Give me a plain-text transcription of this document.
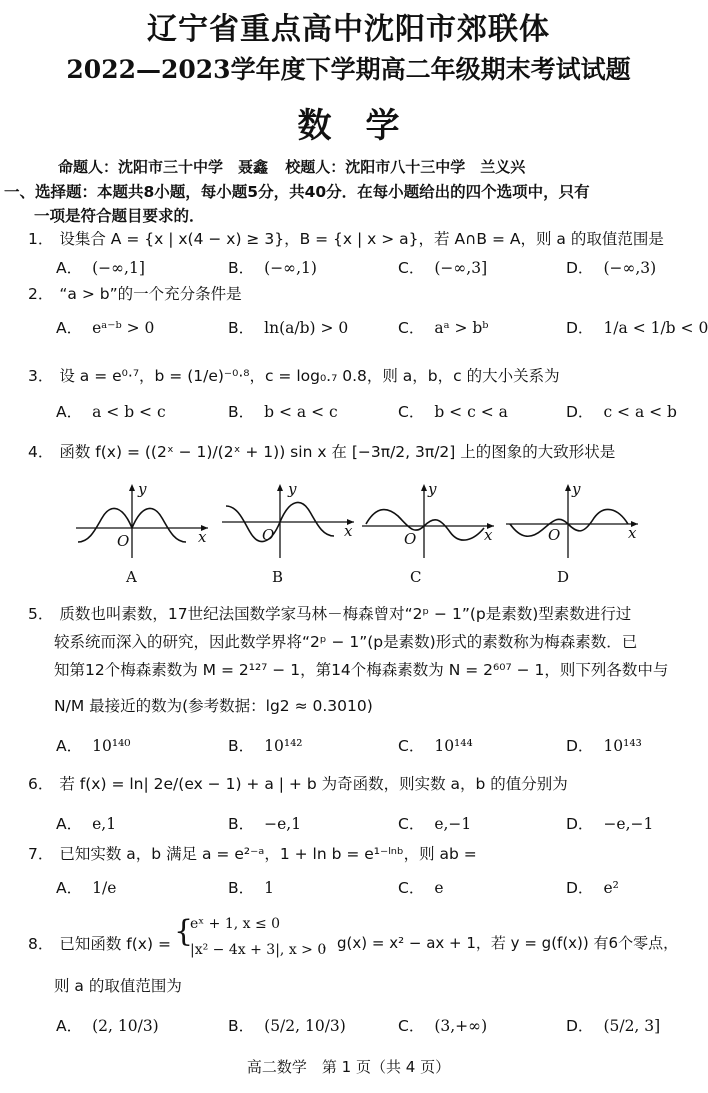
辽宁省重点高中沈阳市郊联体
2022—2023学年度下学期高二年级期末考试试题
数学
命题人：沈阳市三十中学　聂鑫 校题人：沈阳市八十三中学　兰义兴
一、选择题：本题共8小题，每小题5分，共40分．在每小题给出的四个选项中，只有
一项是符合题目要求的．
1． 设集合 A = {x | x(4 − x) ≥ 3}，B = {x | x > a}，若 A∩B = A，则 a 的取值范围是
A． (−∞,1]	B． (−∞,1)	C． (−∞,3]	D． (−∞,3)
2． “a > b”的一个充分条件是
A． eᵃ⁻ᵇ > 0	B． ln(a/b) > 0	C． aᵃ > bᵇ	D． 1/a < 1/b < 0
3． 设 a = e⁰·⁷，b = (1/e)⁻⁰·⁸，c = log₀.₇ 0.8，则 a，b，c 的大小关系为
A． a < b < c	B． b < a < c	C． b < c < a	D． c < a < b
4． 函数 f(x) = ((2ˣ − 1)/(2ˣ + 1)) sin x 在 [−3π/2, 3π/2] 上的图象的大致形状是
y
x
O
A
y
x
O
B
y
x
O
C
y
x
O
D
5． 质数也叫素数，17世纪法国数学家马林－梅森曾对“2ᵖ − 1”(p是素数)型素数进行过
较系统而深入的研究，因此数学界将“2ᵖ − 1”(p是素数)形式的素数称为梅森素数．已
知第12个梅森素数为 M = 2¹²⁷ − 1，第14个梅森素数为 N = 2⁶⁰⁷ − 1，则下列各数中与
N/M 最接近的数为(参考数据：lg2 ≈ 0.3010)
A． 10¹⁴⁰	B． 10¹⁴²	C． 10¹⁴⁴	D． 10¹⁴³
6． 若 f(x) = ln| 2e/(ex − 1) + a | + b 为奇函数，则实数 a，b 的值分别为
A． e,1	B． −e,1	C． e,−1	D． −e,−1
7． 已知实数 a，b 满足 a = e²⁻ᵃ，1 + ln b = e¹⁻ˡⁿᵇ，则 ab =
A． 1/e	B． 1	C． e	D． e²
8． 已知函数 f(x) = {
eˣ + 1, x ≤ 0
|x² − 4x + 3|, x > 0
，g(x) = x² − ax + 1，若 y = g(f(x)) 有6个零点，
则 a 的取值范围为
A． (2, 10/3)	B． (5/2, 10/3)	C． (3,+∞)	D． (5/2, 3]
高二数学　第 1 页（共 4 页）
